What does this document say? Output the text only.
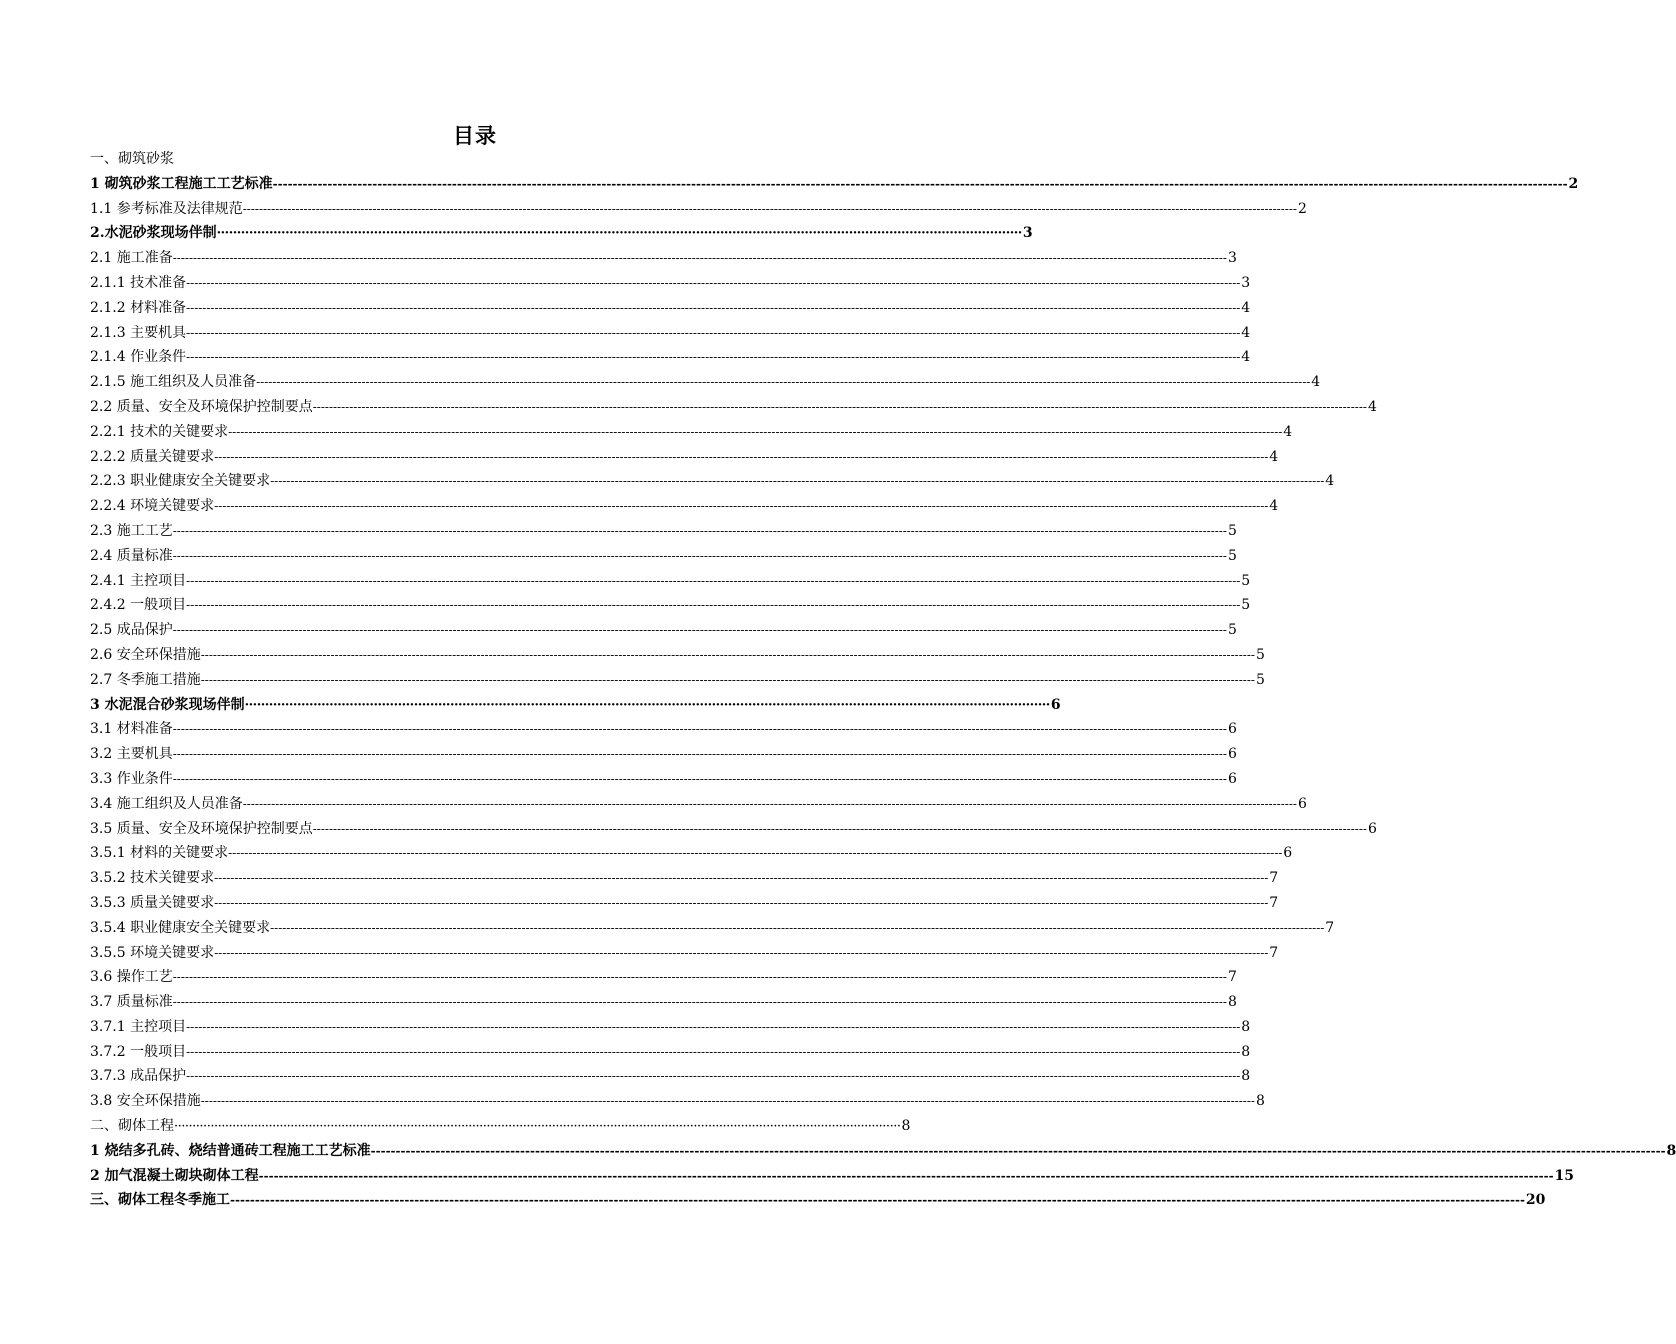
目录
一、砌筑砂浆
1 砌筑砂浆工程施工工艺标准 -------------------------------------------------------------------------------------------------------------------------------------------------------------------------------------------------------------------------------------------------------------------- 2
1.1 参考标准及法律规范 -------------------------------------------------------------------------------------------------------------------------------------------------------------------------------------------------------------------------------------------------------------------- 2
2.水泥砂浆现场伴制 ········································································································································································································ 3
2.1 施工准备 -------------------------------------------------------------------------------------------------------------------------------------------------------------------------------------------------------------------------------------------------------------------- 3
2.1.1 技术准备 -------------------------------------------------------------------------------------------------------------------------------------------------------------------------------------------------------------------------------------------------------------------- 3
2.1.2 材料准备 -------------------------------------------------------------------------------------------------------------------------------------------------------------------------------------------------------------------------------------------------------------------- 4
2.1.3 主要机具 -------------------------------------------------------------------------------------------------------------------------------------------------------------------------------------------------------------------------------------------------------------------- 4
2.1.4 作业条件 -------------------------------------------------------------------------------------------------------------------------------------------------------------------------------------------------------------------------------------------------------------------- 4
2.1.5 施工组织及人员准备 -------------------------------------------------------------------------------------------------------------------------------------------------------------------------------------------------------------------------------------------------------------------- 4
2.2 质量、安全及环境保护控制要点 -------------------------------------------------------------------------------------------------------------------------------------------------------------------------------------------------------------------------------------------------------------------- 4
2.2.1 技术的关键要求 -------------------------------------------------------------------------------------------------------------------------------------------------------------------------------------------------------------------------------------------------------------------- 4
2.2.2 质量关键要求 -------------------------------------------------------------------------------------------------------------------------------------------------------------------------------------------------------------------------------------------------------------------- 4
2.2.3 职业健康安全关键要求 -------------------------------------------------------------------------------------------------------------------------------------------------------------------------------------------------------------------------------------------------------------------- 4
2.2.4 环境关键要求 -------------------------------------------------------------------------------------------------------------------------------------------------------------------------------------------------------------------------------------------------------------------- 4
2.3 施工工艺 -------------------------------------------------------------------------------------------------------------------------------------------------------------------------------------------------------------------------------------------------------------------- 5
2.4 质量标准 -------------------------------------------------------------------------------------------------------------------------------------------------------------------------------------------------------------------------------------------------------------------- 5
2.4.1 主控项目 -------------------------------------------------------------------------------------------------------------------------------------------------------------------------------------------------------------------------------------------------------------------- 5
2.4.2 一般项目 -------------------------------------------------------------------------------------------------------------------------------------------------------------------------------------------------------------------------------------------------------------------- 5
2.5 成品保护 -------------------------------------------------------------------------------------------------------------------------------------------------------------------------------------------------------------------------------------------------------------------- 5
2.6 安全环保措施 -------------------------------------------------------------------------------------------------------------------------------------------------------------------------------------------------------------------------------------------------------------------- 5
2.7 冬季施工措施 -------------------------------------------------------------------------------------------------------------------------------------------------------------------------------------------------------------------------------------------------------------------- 5
3 水泥混合砂浆现场伴制 ········································································································································································································ 6
3.1 材料准备 -------------------------------------------------------------------------------------------------------------------------------------------------------------------------------------------------------------------------------------------------------------------- 6
3.2 主要机具 -------------------------------------------------------------------------------------------------------------------------------------------------------------------------------------------------------------------------------------------------------------------- 6
3.3 作业条件 -------------------------------------------------------------------------------------------------------------------------------------------------------------------------------------------------------------------------------------------------------------------- 6
3.4 施工组织及人员准备 -------------------------------------------------------------------------------------------------------------------------------------------------------------------------------------------------------------------------------------------------------------------- 6
3.5 质量、安全及环境保护控制要点 -------------------------------------------------------------------------------------------------------------------------------------------------------------------------------------------------------------------------------------------------------------------- 6
3.5.1 材料的关键要求 -------------------------------------------------------------------------------------------------------------------------------------------------------------------------------------------------------------------------------------------------------------------- 6
3.5.2 技术关键要求 -------------------------------------------------------------------------------------------------------------------------------------------------------------------------------------------------------------------------------------------------------------------- 7
3.5.3 质量关键要求 -------------------------------------------------------------------------------------------------------------------------------------------------------------------------------------------------------------------------------------------------------------------- 7
3.5.4 职业健康安全关键要求 -------------------------------------------------------------------------------------------------------------------------------------------------------------------------------------------------------------------------------------------------------------------- 7
3.5.5 环境关键要求 -------------------------------------------------------------------------------------------------------------------------------------------------------------------------------------------------------------------------------------------------------------------- 7
3.6 操作工艺 -------------------------------------------------------------------------------------------------------------------------------------------------------------------------------------------------------------------------------------------------------------------- 7
3.7 质量标准 -------------------------------------------------------------------------------------------------------------------------------------------------------------------------------------------------------------------------------------------------------------------- 8
3.7.1 主控项目 -------------------------------------------------------------------------------------------------------------------------------------------------------------------------------------------------------------------------------------------------------------------- 8
3.7.2 一般项目 -------------------------------------------------------------------------------------------------------------------------------------------------------------------------------------------------------------------------------------------------------------------- 8
3.7.3 成品保护 -------------------------------------------------------------------------------------------------------------------------------------------------------------------------------------------------------------------------------------------------------------------- 8
3.8 安全环保措施 -------------------------------------------------------------------------------------------------------------------------------------------------------------------------------------------------------------------------------------------------------------------- 8
二、砌体工程 ········································································································································································································ 8
1 烧结多孔砖、烧结普通砖工程施工工艺标准 -------------------------------------------------------------------------------------------------------------------------------------------------------------------------------------------------------------------------------------------------------------------- 8
2 加气混凝土砌块砌体工程 -------------------------------------------------------------------------------------------------------------------------------------------------------------------------------------------------------------------------------------------------------------------- 15
三、砌体工程冬季施工 -------------------------------------------------------------------------------------------------------------------------------------------------------------------------------------------------------------------------------------------------------------------- 20
